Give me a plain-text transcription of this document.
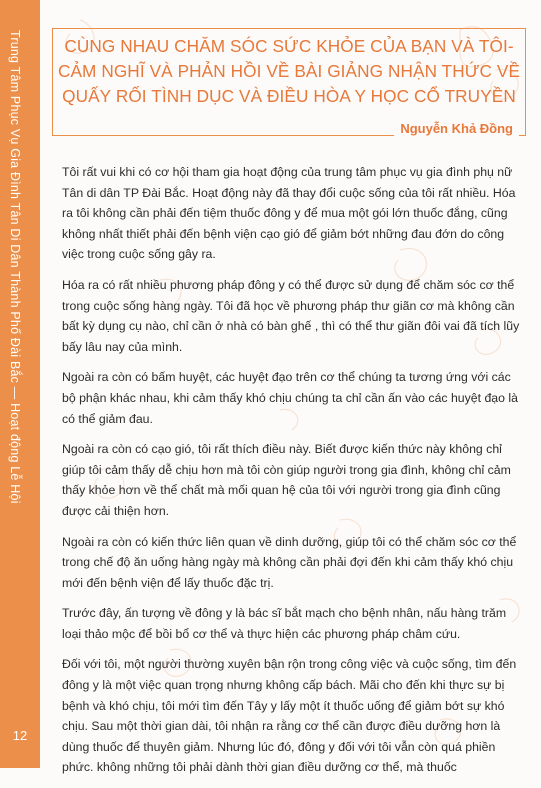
Trung Tâm Phục Vụ Gia Đình Tân Di Dân Thành Phố Đài Bắc — Hoạt động Lễ Hội
12
CÙNG NHAU CHĂM SÓC SỨC KHỎE CỦA BẠN VÀ TÔI-
CẢM NGHĨ VÀ PHẢN HỒI VỀ BÀI GIẢNG NHẬN THỨC VỀ
QUẤY RỐI TÌNH DỤC VÀ ĐIỀU HÒA Y HỌC CỔ TRUYỀN
Nguyễn Khả Đồng

Tôi rất vui khi có cơ hội tham gia hoạt động của trung tâm phục vụ gia đình phụ nữ Tân di dân TP Đài Bắc. Hoạt động này đã thay đổi cuộc sống của tôi rất nhiều. Hóa ra tôi không cần phải đến tiệm thuốc đông y để mua một gói lớn thuốc đắng, cũng không nhất thiết phải đến bệnh viện cạo gió để giảm bớt những đau đớn do công việc trong cuộc sống gây ra.

Hóa ra có rất nhiều phương pháp đông y có thể được sử dụng để chăm sóc cơ thể trong cuộc sống hàng ngày. Tôi đã học về phương pháp thư giãn cơ mà không cần bất kỳ dụng cụ nào, chỉ cần ở nhà có bàn ghế , thì có thể thư giãn đôi vai đã tích lũy bấy lâu nay của mình.

Ngoài ra còn có bấm huyệt, các huyệt đạo trên cơ thể chúng ta tương ứng với các bộ phận khác nhau, khi cảm thấy khó chịu chúng ta chỉ cần ấn vào các huyệt đạo là có thể giảm đau.

Ngoài ra còn có cạo gió, tôi rất thích điều này. Biết được kiến thức này không chỉ giúp tôi cảm thấy dễ chịu hơn mà tôi còn giúp người trong gia đình, không chỉ cảm thấy khỏe hơn về thể chất mà mối quan hệ của tôi với người trong gia đình cũng được cải thiện hơn.

Ngoài ra còn có kiến thức liên quan về dinh dưỡng, giúp tôi có thể chăm sóc cơ thể trong chế độ ăn uống hàng ngày mà không cần phải đợi đến khi cảm thấy khó chịu mới đến bệnh viện để lấy thuốc đặc trị.

Trước đây, ấn tượng về đông y là bác sĩ bắt mạch cho bệnh nhân, nấu hàng trăm loại thảo mộc để bồi bổ cơ thể và thực hiện các phương pháp châm cứu.

Đối với tôi, một người thường xuyên bận rộn trong công việc và cuộc sống, tìm đến đông y là một việc quan trọng nhưng không cấp bách. Mãi cho đến khi thực sự bị bệnh và khó chịu, tôi mới tìm đến Tây y lấy một ít thuốc uống để giảm bớt sự khó chịu. Sau một thời gian dài, tôi nhận ra rằng cơ thể cần được điều dưỡng hơn là dùng thuốc để thuyên giảm. Nhưng lúc đó, đông y đối với tôi vẫn còn quá phiền phức. không những tôi phải dành thời gian điều dưỡng cơ thể, mà thuốc
